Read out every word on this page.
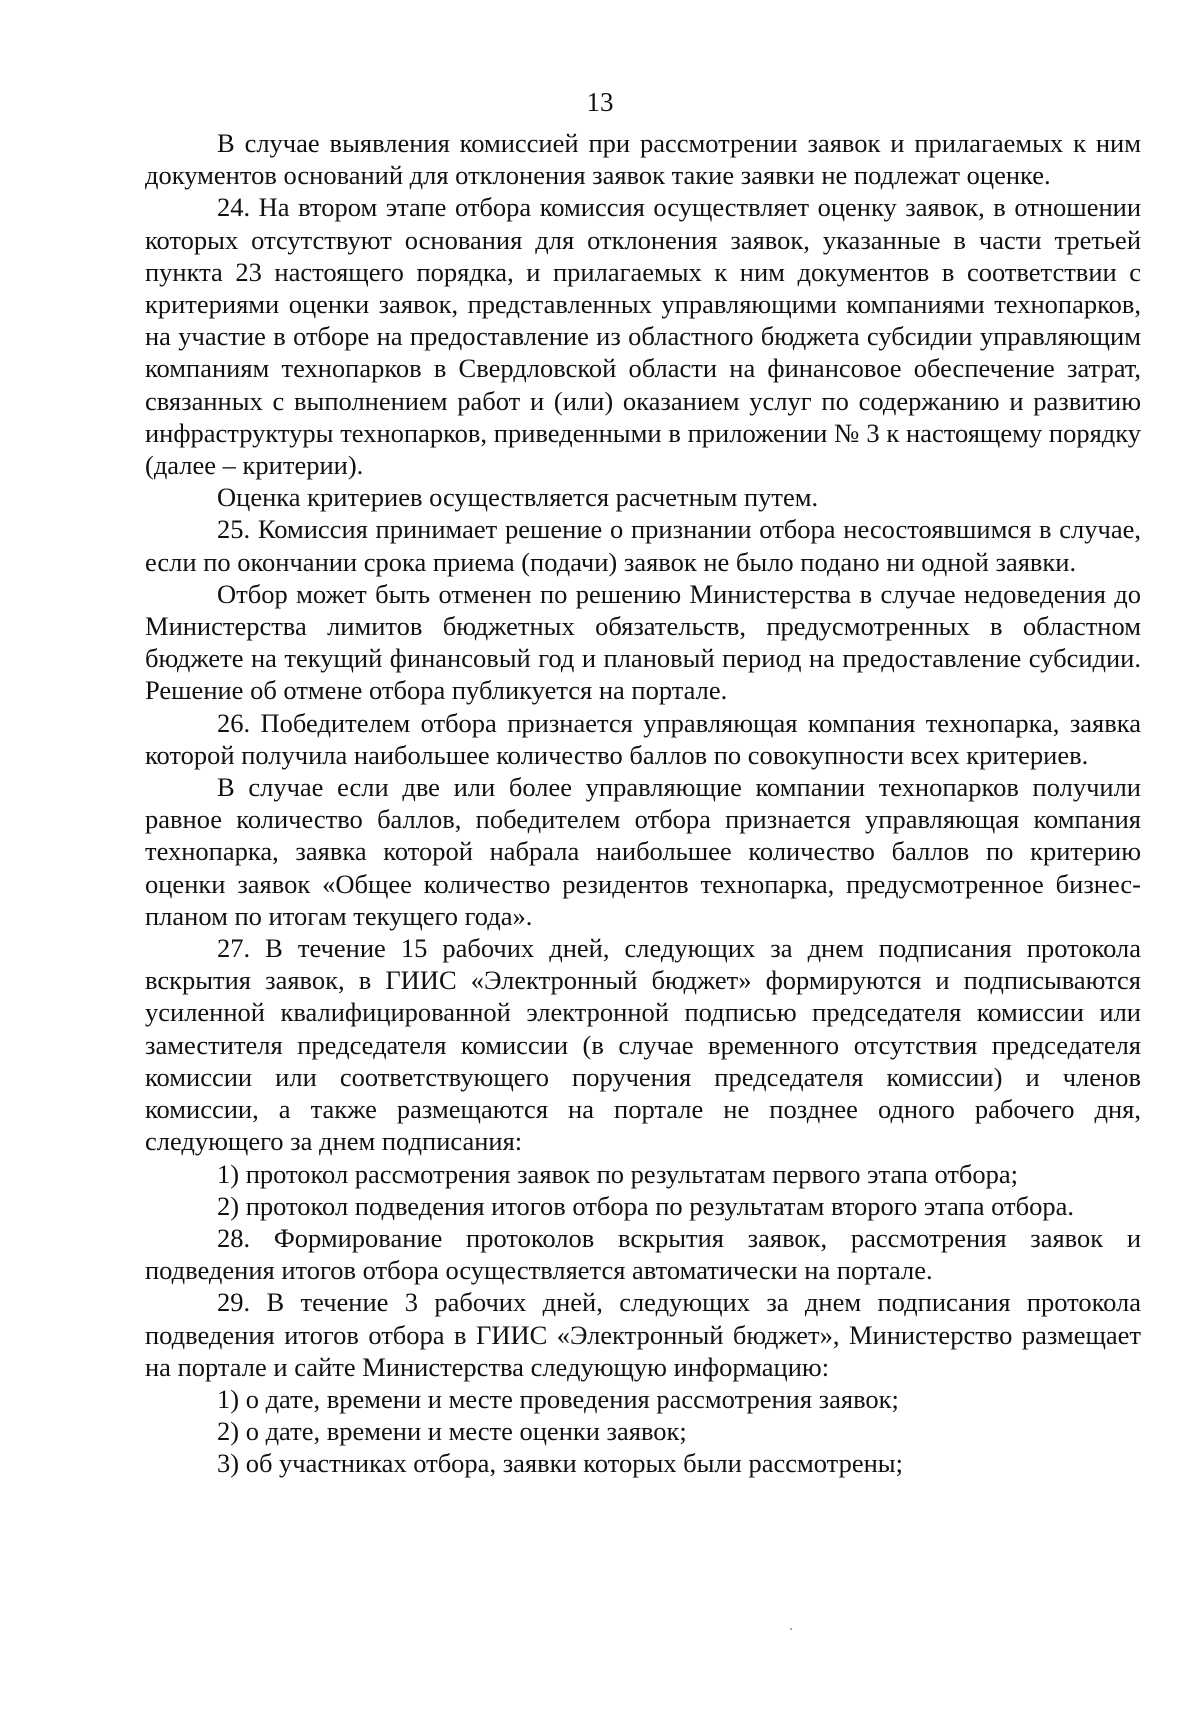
13

В случае выявления комиссией при рассмотрении заявок и прилагаемых к ним документов оснований для отклонения заявок такие заявки не подлежат оценке.

24. На втором этапе отбора комиссия осуществляет оценку заявок, в отношении которых отсутствуют основания для отклонения заявок, указанные в части третьей пункта 23 настоящего порядка, и прилагаемых к ним документов в соответствии с критериями оценки заявок, представленных управляющими компаниями технопарков, на участие в отборе на предоставление из областного бюджета субсидии управляющим компаниям технопарков в Свердловской области на финансовое обеспечение затрат, связанных с выполнением работ и (или) оказанием услуг по содержанию и развитию инфраструктуры технопарков, приведенными в приложении № 3 к настоящему порядку (далее – критерии).

Оценка критериев осуществляется расчетным путем.

25. Комиссия принимает решение о признании отбора несостоявшимся в случае, если по окончании срока приема (подачи) заявок не было подано ни одной заявки.

Отбор может быть отменен по решению Министерства в случае недоведения до Министерства лимитов бюджетных обязательств, предусмотренных в областном бюджете на текущий финансовый год и плановый период на предоставление субсидии. Решение об отмене отбора публикуется на портале.

26. Победителем отбора признается управляющая компания технопарка, заявка которой получила наибольшее количество баллов по совокупности всех критериев.

В случае если две или более управляющие компании технопарков получили равное количество баллов, победителем отбора признается управляющая компания технопарка, заявка которой набрала наибольшее количество баллов по критерию оценки заявок «Общее количество резидентов технопарка, предусмотренное бизнес-планом по итогам текущего года».

27. В течение 15 рабочих дней, следующих за днем подписания протокола вскрытия заявок, в ГИИС «Электронный бюджет» формируются и подписываются усиленной квалифицированной электронной подписью председателя комиссии или заместителя председателя комиссии (в случае временного отсутствия председателя комиссии или соответствующего поручения председателя комиссии) и членов комиссии, а также размещаются на портале не позднее одного рабочего дня, следующего за днем подписания:

1) протокол рассмотрения заявок по результатам первого этапа отбора;

2) протокол подведения итогов отбора по результатам второго этапа отбора.

28. Формирование протоколов вскрытия заявок, рассмотрения заявок и подведения итогов отбора осуществляется автоматически на портале.

29. В течение 3 рабочих дней, следующих за днем подписания протокола подведения итогов отбора в ГИИС «Электронный бюджет», Министерство размещает на портале и сайте Министерства следующую информацию:

1) о дате, времени и месте проведения рассмотрения заявок;

2) о дате, времени и месте оценки заявок;

3) об участниках отбора, заявки которых были рассмотрены;
